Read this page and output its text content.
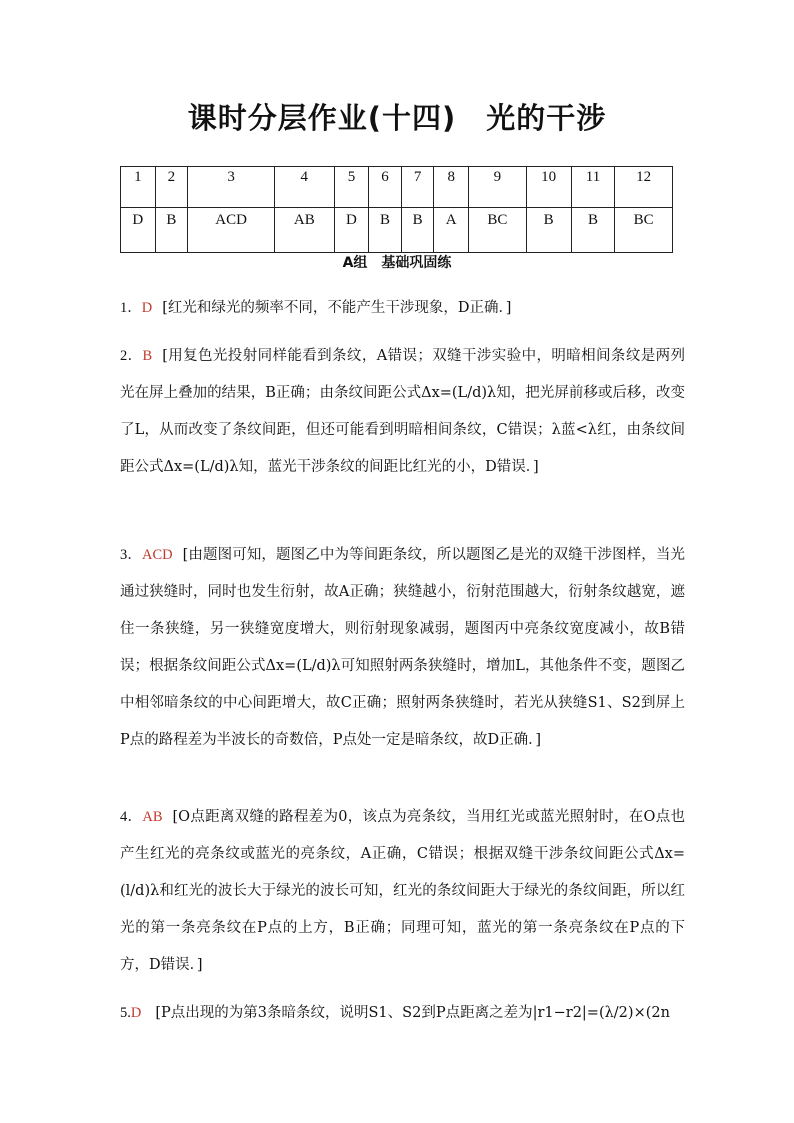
课时分层作业(十四)　光的干涉
1	2	3	4	5	6	7	8	9	10	11	12
D	B	ACD	AB	D	B	B	A	BC	B	B	BC
A组　基础巩固练
1．D [红光和绿光的频率不同，不能产生干涉现象，D正确．]
2．B [用复色光投射同样能看到条纹，A错误；双缝干涉实验中，明暗相间条纹是两列光在屏上叠加的结果，B正确；由条纹间距公式Δx=(L/d)λ知，把光屏前移或后移，改变了L，从而改变了条纹间距，但还可能看到明暗相间条纹，C错误；λ蓝<λ红，由条纹间距公式Δx=(L/d)λ知，蓝光干涉条纹的间距比红光的小，D错误．]
3．ACD [由题图可知，题图乙中为等间距条纹，所以题图乙是光的双缝干涉图样，当光通过狭缝时，同时也发生衍射，故A正确；狭缝越小，衍射范围越大，衍射条纹越宽，遮住一条狭缝，另一狭缝宽度增大，则衍射现象减弱，题图丙中亮条纹宽度减小，故B错误；根据条纹间距公式Δx=(L/d)λ可知照射两条狭缝时，增加L，其他条件不变，题图乙中相邻暗条纹的中心间距增大，故C正确；照射两条狭缝时，若光从狭缝S1、S2到屏上P点的路程差为半波长的奇数倍，P点处一定是暗条纹，故D正确．]
4．AB [O点距离双缝的路程差为0，该点为亮条纹，当用红光或蓝光照射时，在O点也产生红光的亮条纹或蓝光的亮条纹，A正确，C错误；根据双缝干涉条纹间距公式Δx=(l/d)λ和红光的波长大于绿光的波长可知，红光的条纹间距大于绿光的条纹间距，所以红光的第一条亮条纹在P点的上方，B正确；同理可知，蓝光的第一条亮条纹在P点的下方，D错误．]
5.D [P点出现的为第3条暗条纹，说明S1、S2到P点距离之差为|r1−r2|=(λ/2)×(2n
